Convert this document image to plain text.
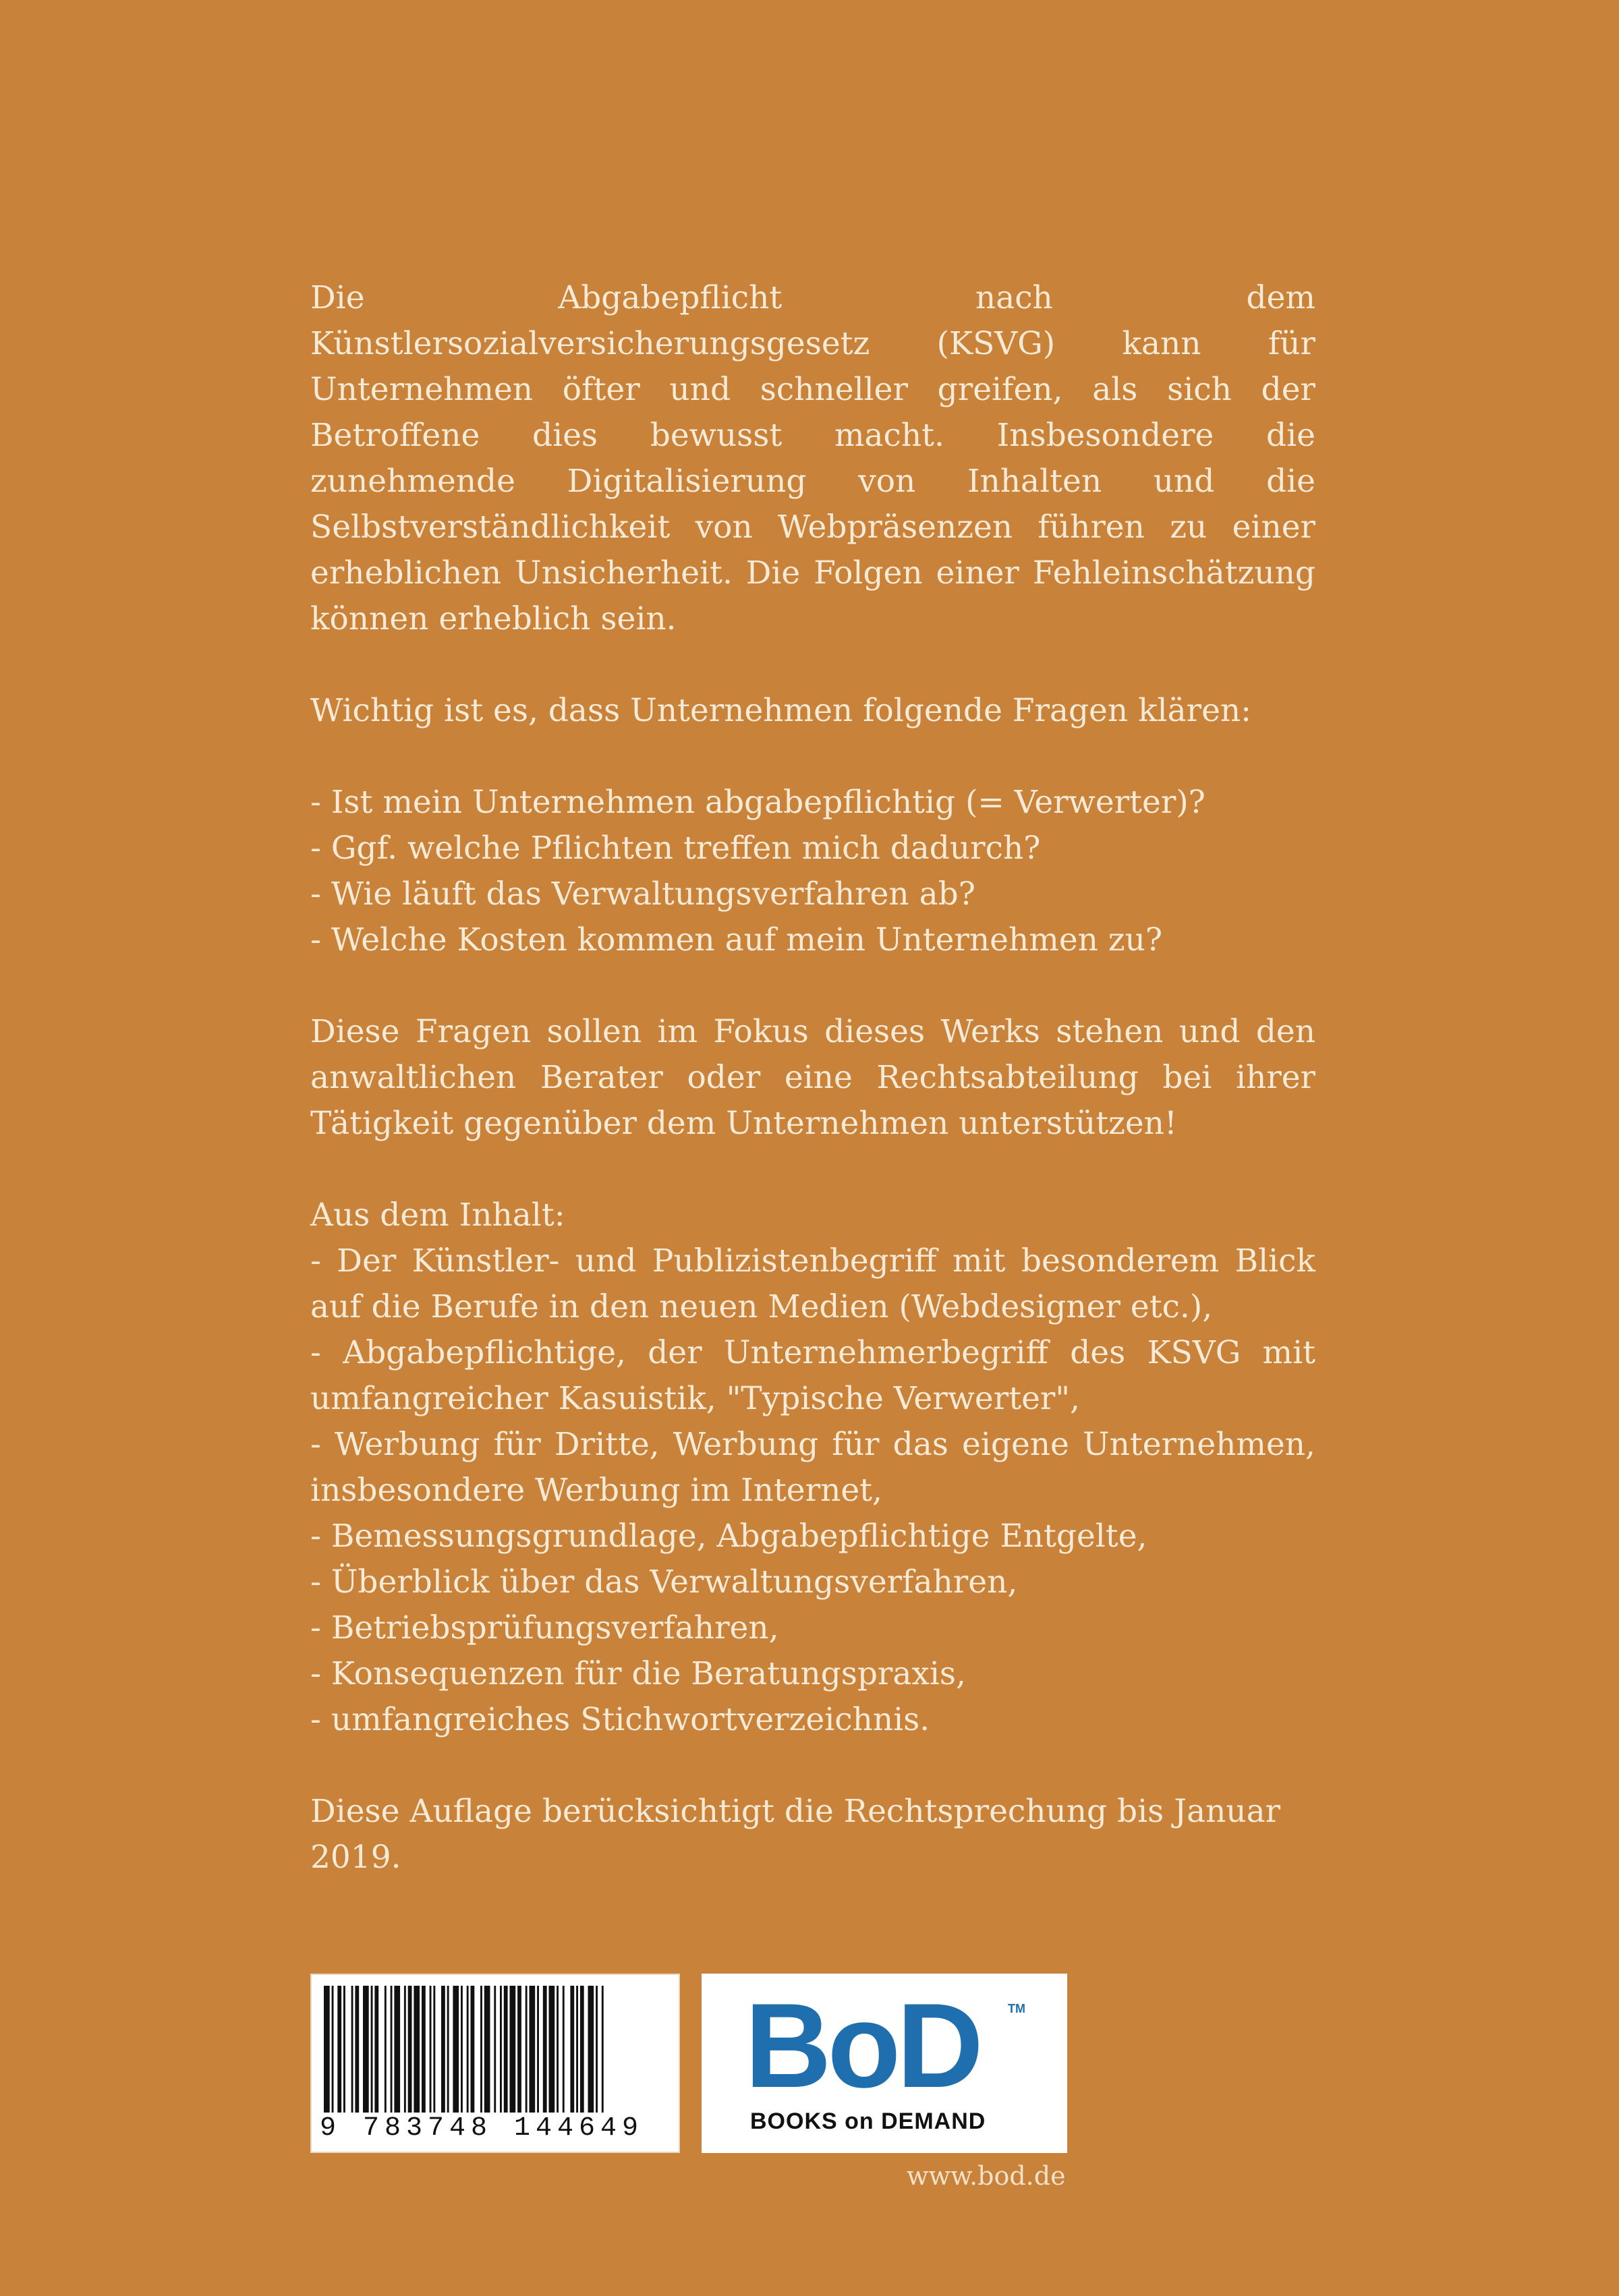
Die Abgabepflicht nach dem Künstlersozialversicherungsgesetz (KSVG) kann für Unternehmen öfter und schneller greifen, als sich der Betroffene dies bewusst macht. Insbesondere die zunehmende Digitalisierung von Inhalten und die Selbstverständlichkeit von Webpräsenzen führen zu einer erheblichen Unsicherheit. Die Folgen einer Fehleinschätzung können erheblich sein.

Wichtig ist es, dass Unternehmen folgende Fragen klären:

- Ist mein Unternehmen abgabepflichtig (= Verwerter)?

- Ggf. welche Pflichten treffen mich dadurch?

- Wie läuft das Verwaltungsverfahren ab?

- Welche Kosten kommen auf mein Unternehmen zu?

Diese Fragen sollen im Fokus dieses Werks stehen und den anwaltlichen Berater oder eine Rechtsabteilung bei ihrer Tätigkeit gegenüber dem Unternehmen unterstützen!

Aus dem Inhalt:

- Der Künstler- und Publizistenbegriff mit besonderem Blick auf die Berufe in den neuen Medien (Webdesigner etc.),

- Abgabepflichtige, der Unternehmerbegriff des KSVG mit umfangreicher Kasuistik, "Typische Verwerter",

- Werbung für Dritte, Werbung für das eigene Unternehmen, insbesondere Werbung im Internet,

- Bemessungsgrundlage, Abgabepflichtige Entgelte,

- Überblick über das Verwaltungsverfahren,

- Betriebsprüfungsverfahren,

- Konsequenzen für die Beratungspraxis,

- umfangreiches Stichwortverzeichnis.

Diese Auflage berücksichtigt die Rechtsprechung bis Januar 2019.

9 783748 144649
BoD TM
BOOKS on DEMAND
www.bod.de
